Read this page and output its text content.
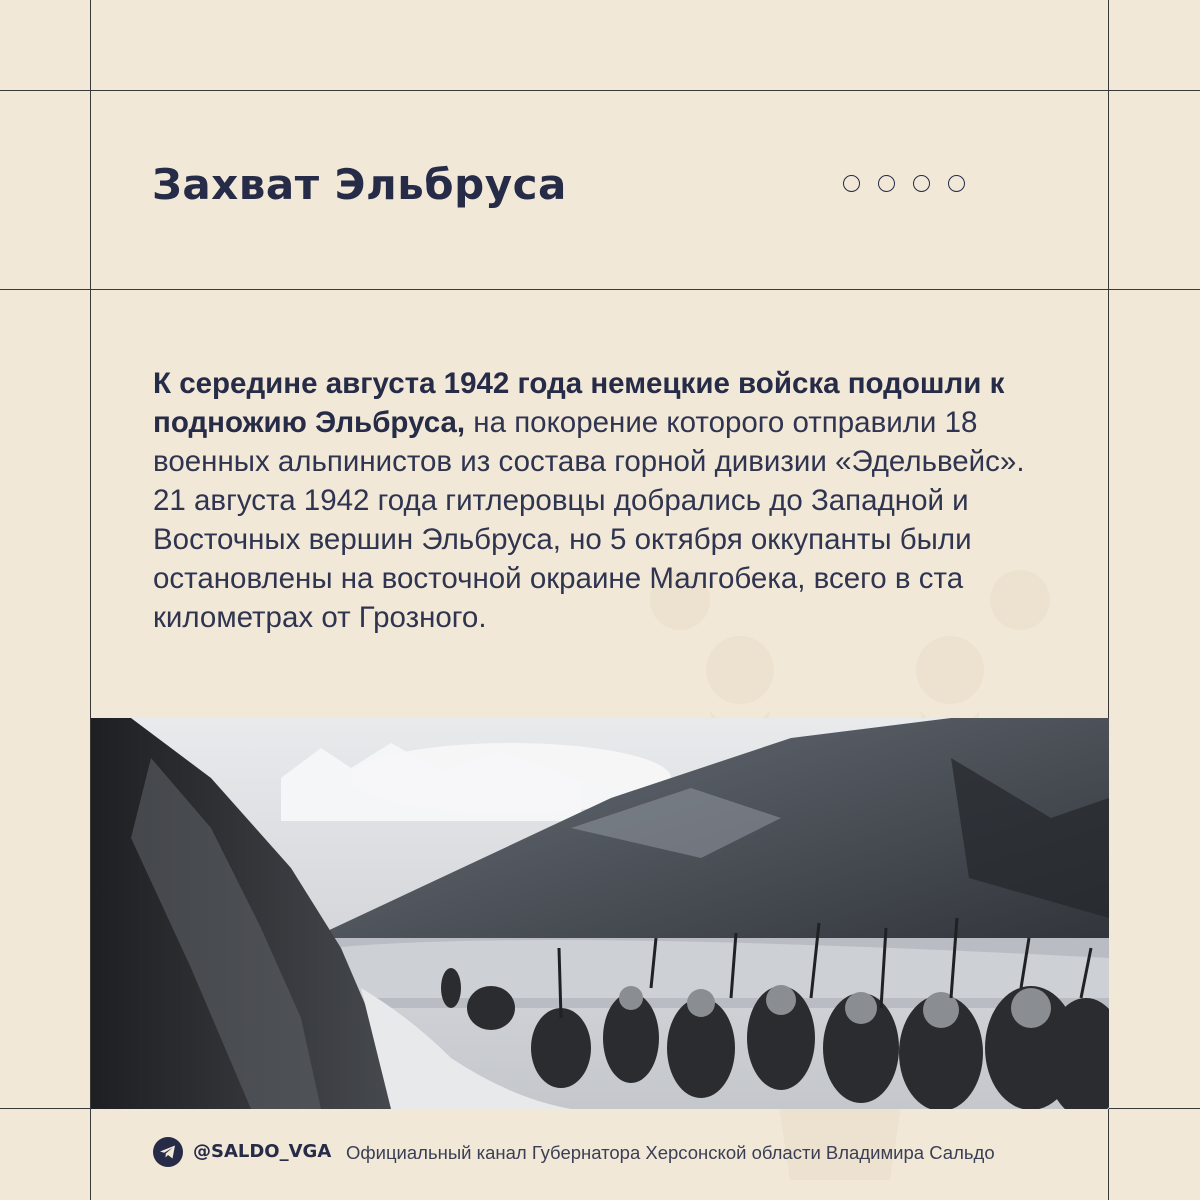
Захват Эльбруса

К середине августа 1942 года немецкие войска подошли к подножию Эльбруса, на покорение которого отправили 18 военных альпинистов из состава горной дивизии «Эдельвейс». 21 августа 1942 года гитлеровцы добрались до Западной и Восточных вершин Эльбруса, но 5 октября оккупанты были остановлены на восточной окраине Малгобека, всего в ста километрах от Грозного.

@SALDO_VGA Официальный канал Губернатора Херсонской области Владимира Сальдо
